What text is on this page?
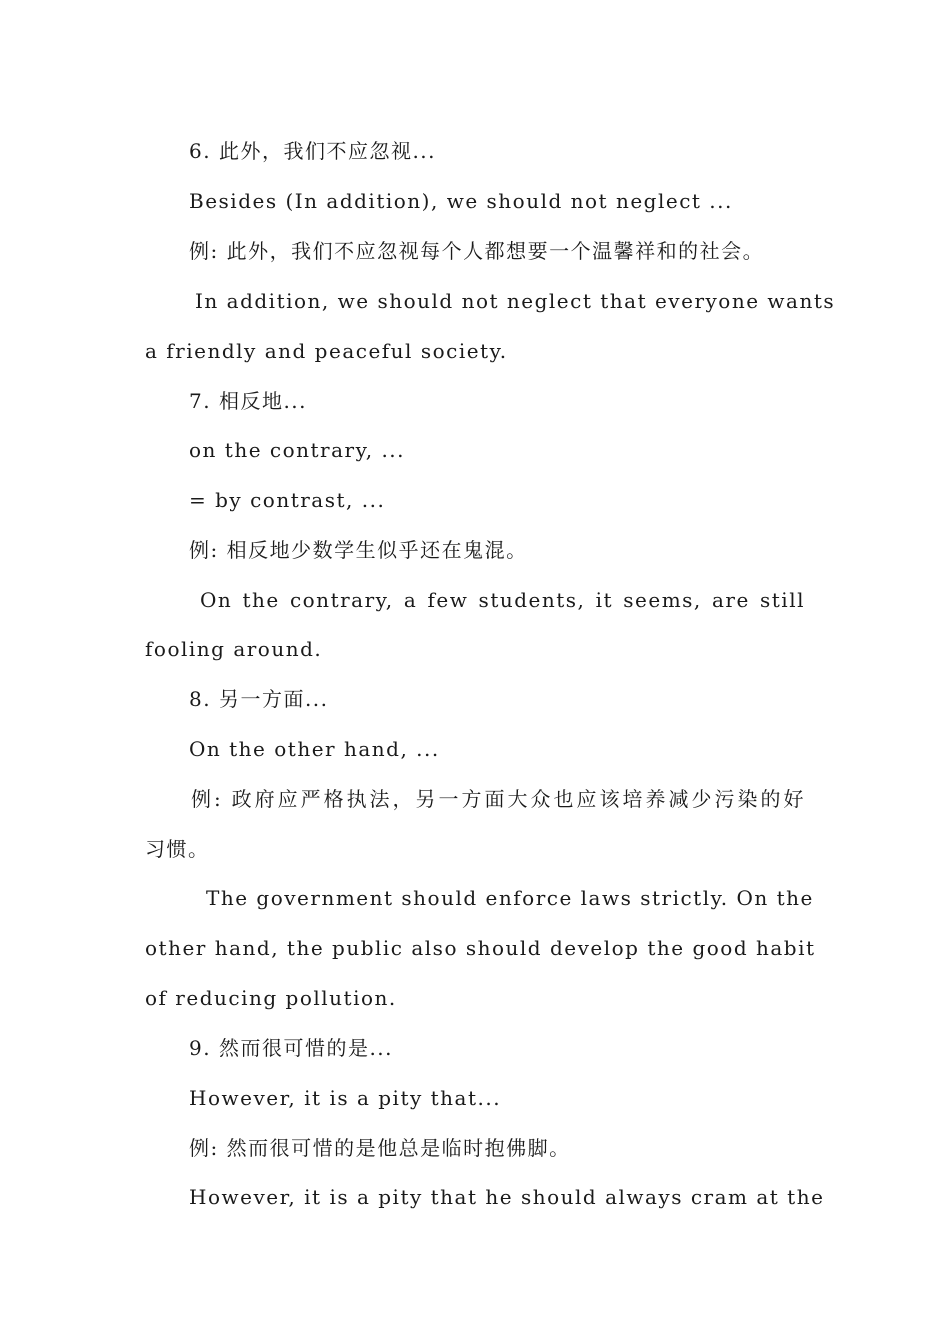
6. 此外，我们不应忽视...
Besides (In addition), we should not neglect ...
例: 此外，我们不应忽视每个人都想要一个温馨祥和的社会。
In addition, we should not neglect that everyone wants
a friendly and peaceful society.
7. 相反地...
on the contrary, ...
= by contrast, ...
例: 相反地少数学生似乎还在鬼混。
On the contrary, a few students, it seems, are still
fooling around.
8. 另一方面...
On the other hand, ...
例: 政府应严格执法，另一方面大众也应该培养减少污染的好
习惯。
The government should enforce laws strictly. On the
other hand, the public also should develop the good habit
of reducing pollution.
9. 然而很可惜的是...
However, it is a pity that...
例: 然而很可惜的是他总是临时抱佛脚。
However, it is a pity that he should always cram at the
